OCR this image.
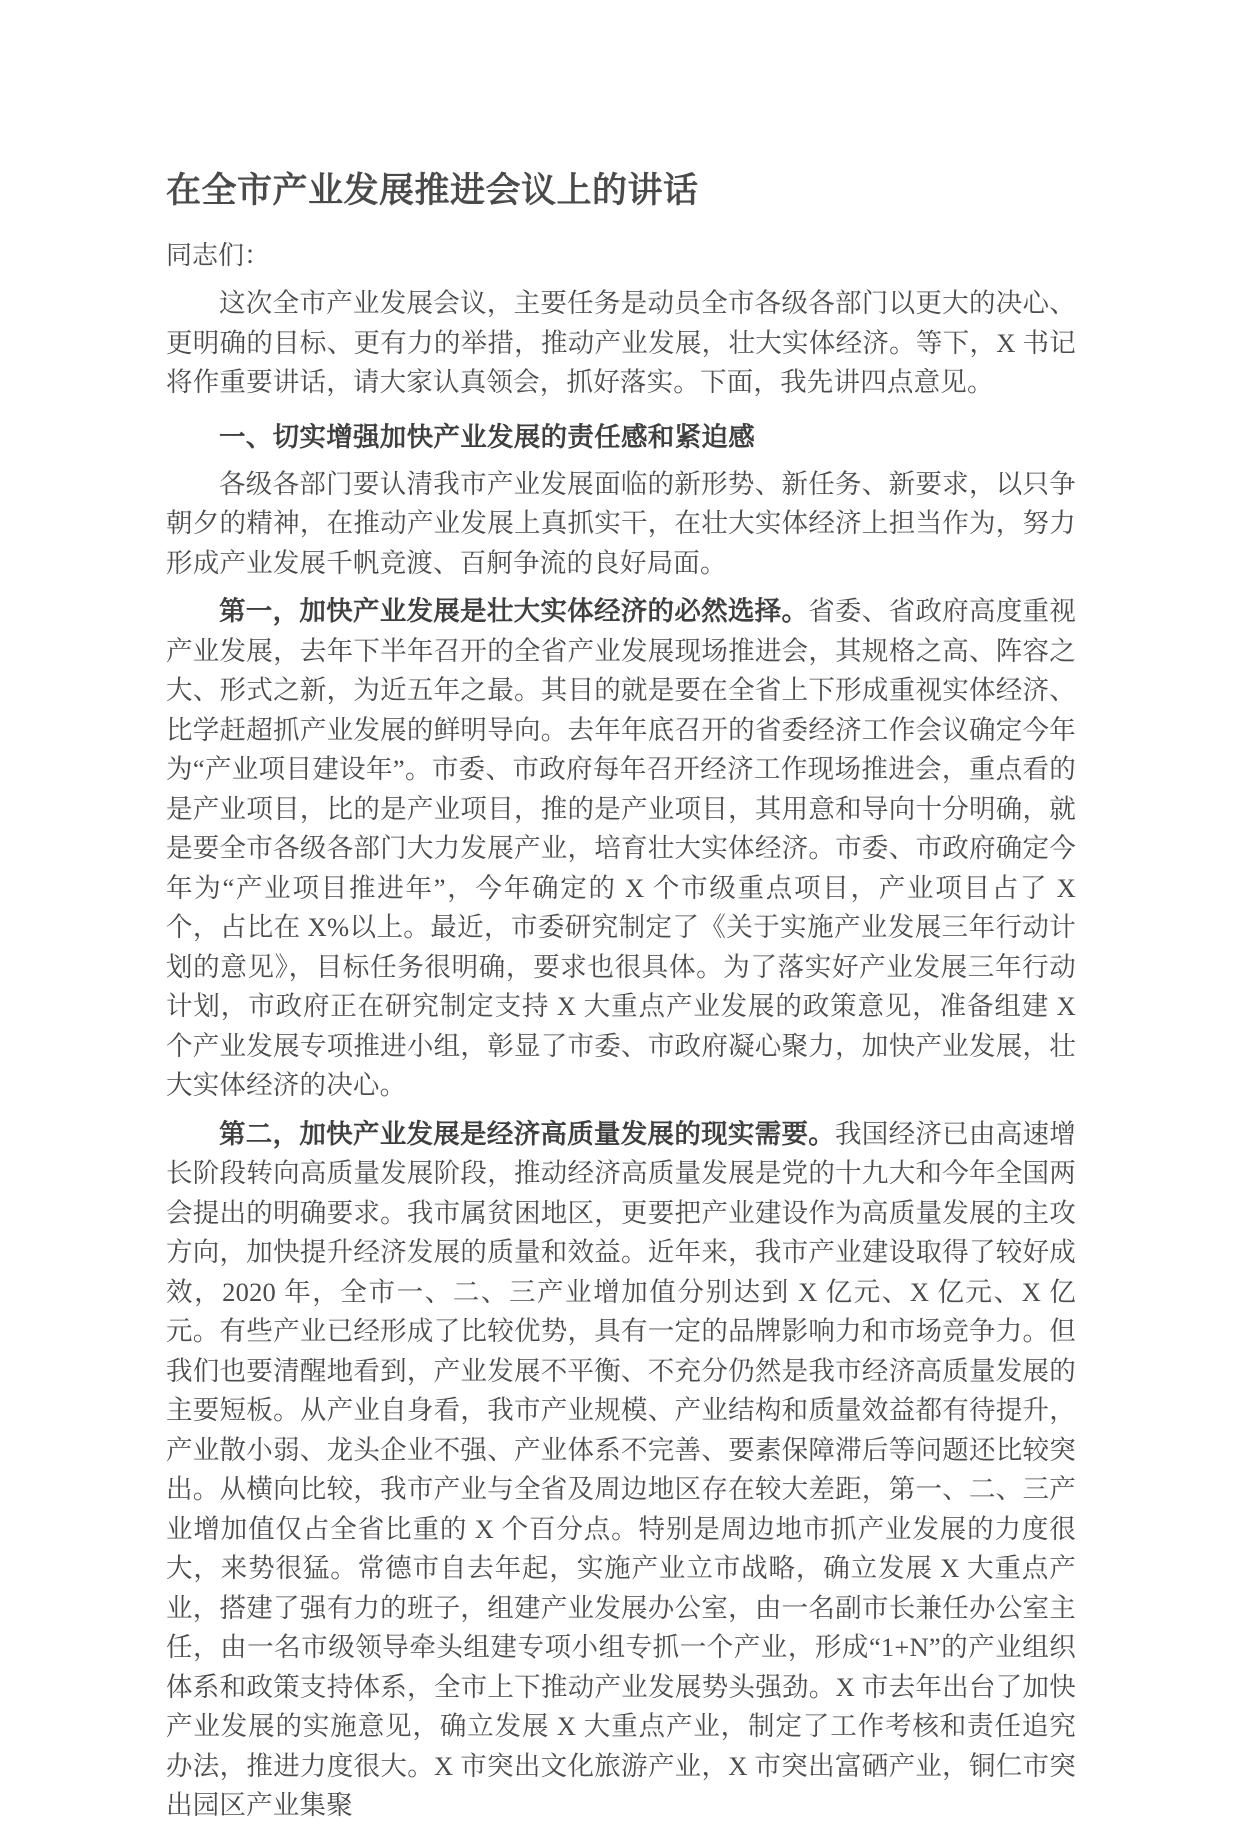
在全市产业发展推进会议上的讲话

同志们：

这次全市产业发展会议，主要任务是动员全市各级各部门以更大的决心、更明确的目标、更有力的举措，推动产业发展，壮大实体经济。等下，X 书记将作重要讲话，请大家认真领会，抓好落实。下面，我先讲四点意见。

一、切实增强加快产业发展的责任感和紧迫感

各级各部门要认清我市产业发展面临的新形势、新任务、新要求，以只争朝夕的精神，在推动产业发展上真抓实干，在壮大实体经济上担当作为，努力形成产业发展千帆竞渡、百舸争流的良好局面。

第一，加快产业发展是壮大实体经济的必然选择。省委、省政府高度重视产业发展，去年下半年召开的全省产业发展现场推进会，其规格之高、阵容之大、形式之新，为近五年之最。其目的就是要在全省上下形成重视实体经济、比学赶超抓产业发展的鲜明导向。去年年底召开的省委经济工作会议确定今年为“产业项目建设年”。市委、市政府每年召开经济工作现场推进会，重点看的是产业项目，比的是产业项目，推的是产业项目，其用意和导向十分明确，就是要全市各级各部门大力发展产业，培育壮大实体经济。市委、市政府确定今年为“产业项目推进年”，今年确定的 X 个市级重点项目，产业项目占了 X 个，占比在 X%以上。最近，市委研究制定了《关于实施产业发展三年行动计划的意见》，目标任务很明确，要求也很具体。为了落实好产业发展三年行动计划，市政府正在研究制定支持 X 大重点产业发展的政策意见，准备组建 X 个产业发展专项推进小组，彰显了市委、市政府凝心聚力，加快产业发展，壮大实体经济的决心。

第二，加快产业发展是经济高质量发展的现实需要。我国经济已由高速增长阶段转向高质量发展阶段，推动经济高质量发展是党的十九大和今年全国两会提出的明确要求。我市属贫困地区，更要把产业建设作为高质量发展的主攻方向，加快提升经济发展的质量和效益。近年来，我市产业建设取得了较好成效，2020 年，全市一、二、三产业增加值分别达到 X 亿元、X 亿元、X 亿元。有些产业已经形成了比较优势，具有一定的品牌影响力和市场竞争力。但我们也要清醒地看到，产业发展不平衡、不充分仍然是我市经济高质量发展的主要短板。从产业自身看，我市产业规模、产业结构和质量效益都有待提升，产业散小弱、龙头企业不强、产业体系不完善、要素保障滞后等问题还比较突出。从横向比较，我市产业与全省及周边地区存在较大差距，第一、二、三产业增加值仅占全省比重的 X 个百分点。特别是周边地市抓产业发展的力度很大，来势很猛。常德市自去年起，实施产业立市战略，确立发展 X 大重点产业，搭建了强有力的班子，组建产业发展办公室，由一名副市长兼任办公室主任，由一名市级领导牵头组建专项小组专抓一个产业，形成“1+N”的产业组织体系和政策支持体系，全市上下推动产业发展势头强劲。X 市去年出台了加快产业发展的实施意见，确立发展 X 大重点产业，制定了工作考核和责任追究办法，推进力度很大。X 市突出文化旅游产业，X 市突出富硒产业，铜仁市突出园区产业集聚
